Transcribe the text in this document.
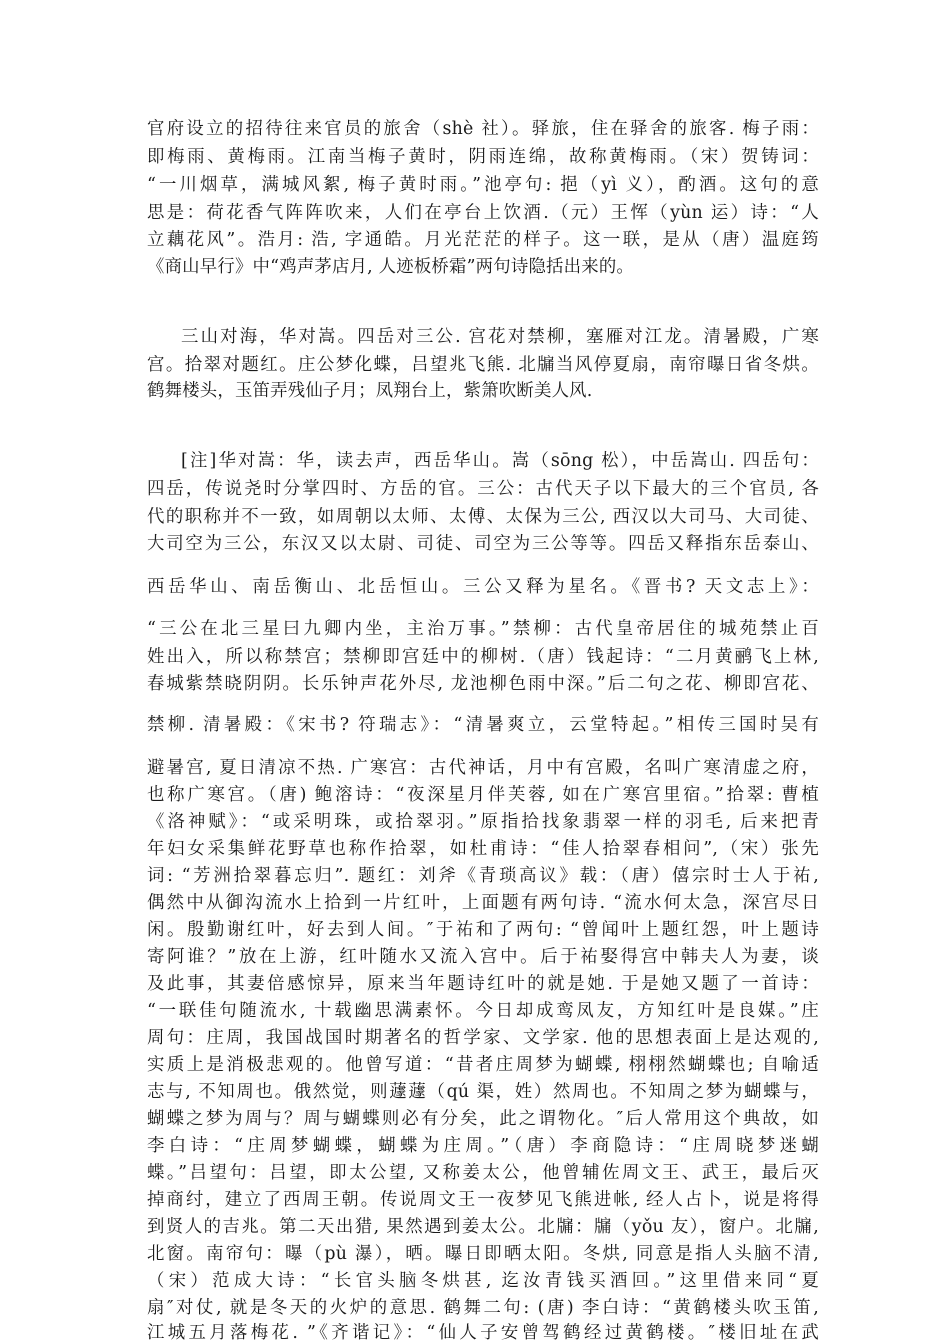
官府设立的招待往来官员的旅舍（shè 社）。驿旅，住在驿舍的旅客. 梅子雨：

即梅雨、黄梅雨。江南当梅子黄时，阴雨连绵，故称黄梅雨。（宋）贺铸词：

“一川烟草，满城风絮, 梅子黄时雨。”池亭句: 挹（yì 义），酌酒。这句的意

思是：荷花香气阵阵吹来，人们在亭台上饮酒.（元）王恽（yùn 运）诗：“人

立藕花风”。浩月: 浩, 字通皓。月光茫茫的样子。这一联，是从（唐）温庭筠

《商山早行》中“鸡声茅店月, 人迹板桥霜”两句诗隐括出来的。

三山对海，华对嵩。四岳对三公. 宫花对禁柳，塞雁对江龙。清暑殿，广寒

宫。拾翠对题红。庄公梦化蝶，吕望兆飞熊. 北牖当风停夏扇，南帘曝日省冬烘。

鹤舞楼头，玉笛弄残仙子月；凤翔台上，紫箫吹断美人风.

[注]华对嵩：华，读去声，西岳华山。嵩（sōng 松），中岳嵩山. 四岳句：

四岳，传说尧时分掌四时、方岳的官。三公：古代天子以下最大的三个官员, 各

代的职称并不一致，如周朝以太师、太傅、太保为三公, 西汉以大司马、大司徒、

大司空为三公，东汉又以太尉、司徒、司空为三公等等。四岳又释指东岳泰山、

西岳华山、南岳衡山、北岳恒山。三公又释为星名。《晋书? 天文志上》：

“三公在北三星曰九卿内坐，主治万事。”禁柳：古代皇帝居住的城苑禁止百

姓出入，所以称禁宫；禁柳即宫廷中的柳树.（唐）钱起诗：“二月黄鹂飞上林,

春城紫禁晓阴阴。长乐钟声花外尽, 龙池柳色雨中深。”后二句之花、柳即宫花、

禁柳. 清暑殿：《宋书? 符瑞志》：“清暑爽立，云堂特起。”相传三国时吴有

避暑宫, 夏日清凉不热. 广寒宫：古代神话，月中有宫殿，名叫广寒清虚之府，

也称广寒宫。（唐) 鲍溶诗：“夜深星月伴芙蓉, 如在广寒宫里宿。”拾翠: 曹植

《洛神赋》：“或采明珠，或拾翠羽。”原指拾找象翡翠一样的羽毛, 后来把青

年妇女采集鲜花野草也称作拾翠，如杜甫诗：“佳人拾翠春相问”,（宋）张先

词: “芳洲拾翠暮忘归”. 题红：刘斧《青琐高议》载：（唐）僖宗时士人于祐,

偶然中从御沟流水上拾到一片红叶，上面题有两句诗. “流水何太急，深宫尽日

闲。殷勤谢红叶，好去到人间。″于祐和了两句: “曾闻叶上题红怨，叶上题诗

寄阿谁？”放在上游，红叶随水又流入宫中。后于祐娶得宫中韩夫人为妻，谈

及此事，其妻倍感惊异，原来当年题诗红叶的就是她. 于是她又题了一首诗：

“一联佳句随流水, 十载幽思满素怀。今日却成鸾凤友，方知红叶是良媒。”庄

周句：庄周，我国战国时期著名的哲学家、文学家. 他的思想表面上是达观的,

实质上是消极悲观的。他曾写道：“昔者庄周梦为蝴蝶, 栩栩然蝴蝶也; 自喻适

志与, 不知周也。俄然觉，则蘧蘧（qú 渠，姓）然周也。不知周之梦为蝴蝶与，

蝴蝶之梦为周与？周与蝴蝶则必有分矣，此之谓物化。″后人常用这个典故，如

李白诗：“庄周梦蝴蝶，蝴蝶为庄周。”（唐）李商隐诗：“庄周晓梦迷蝴

蝶。”吕望句：吕望，即太公望, 又称姜太公，他曾辅佐周文王、武王，最后灭

掉商纣，建立了西周王朝。传说周文王一夜梦见飞熊进帐, 经人占卜，说是将得

到贤人的吉兆。第二天出猎, 果然遇到姜太公。北牖：牖（yǒu 友），窗户。北牖,

北窗。南帘句：曝（pù 瀑），晒。曝日即晒太阳。冬烘, 同意是指人头脑不清,

（宋）范成大诗：“长官头脑冬烘甚, 迄汝青钱买酒回。”这里借来同“夏

扇″对仗, 就是冬天的火炉的意思. 鹤舞二句: (唐) 李白诗：“黄鹤楼头吹玉笛,

江城五月落梅花. ”《齐谐记》：“仙人子安曾驾鹤经过黄鹤楼。″楼旧址在武
